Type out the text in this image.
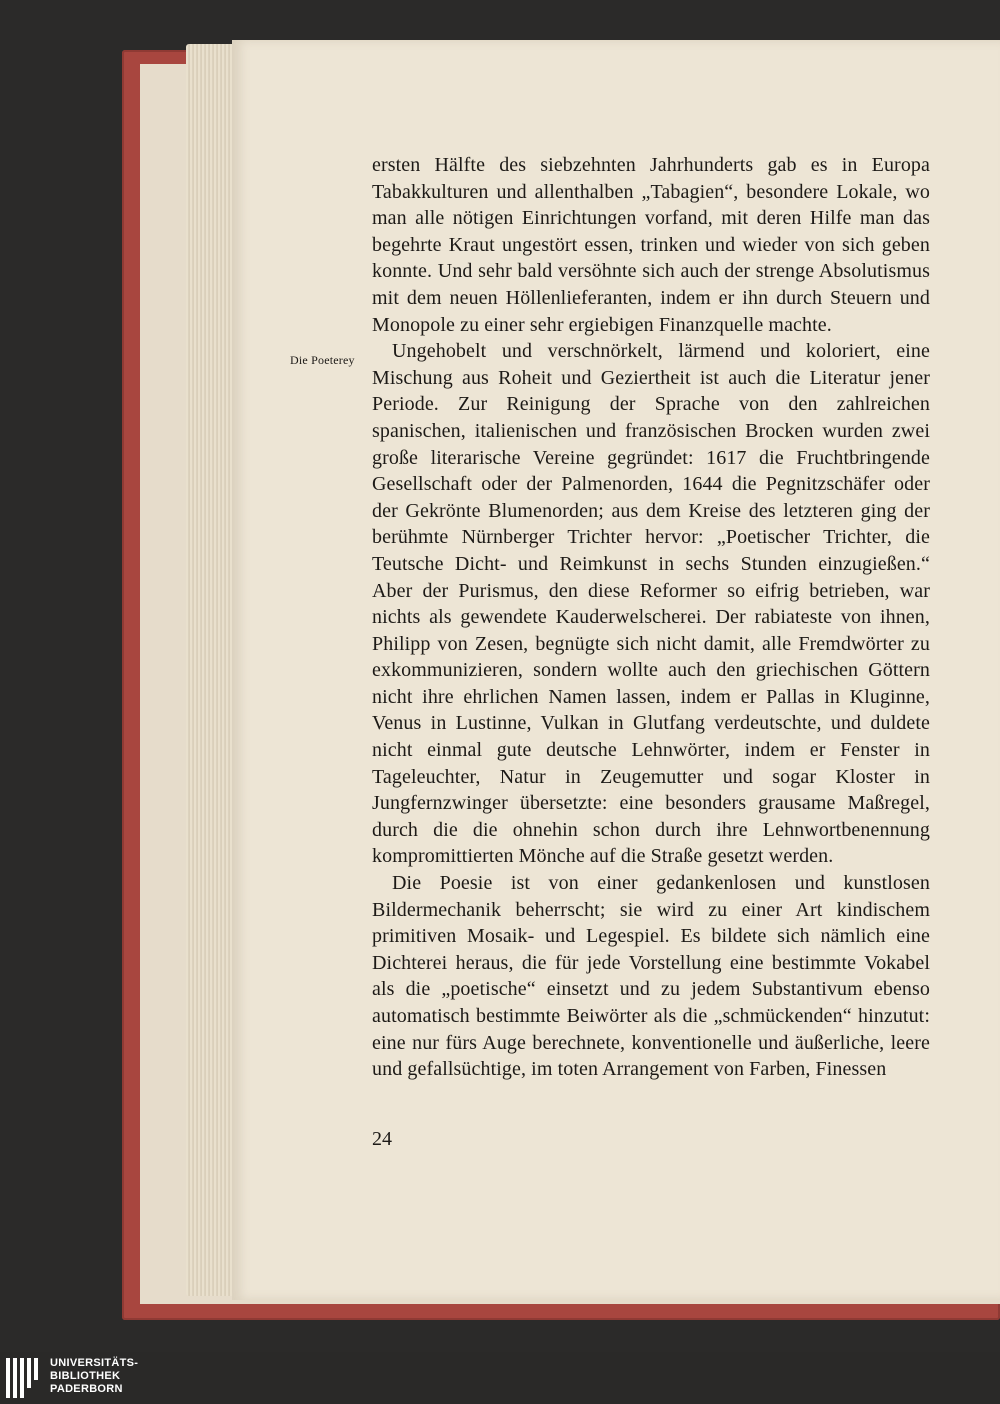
Die Poeterey

ersten Hälfte des siebzehnten Jahrhunderts gab es in Europa Tabakkulturen und allenthalben „Tabagien“, besondere Lokale, wo man alle nötigen Einrichtungen vorfand, mit deren Hilfe man das begehrte Kraut ungestört essen, trinken und wieder von sich geben konnte. Und sehr bald versöhnte sich auch der strenge Absolutismus mit dem neuen Höllenlieferanten, indem er ihn durch Steuern und Monopole zu einer sehr ergiebigen Finanzquelle machte.

Ungehobelt und verschnörkelt, lärmend und koloriert, eine Mischung aus Roheit und Geziertheit ist auch die Literatur jener Periode. Zur Reinigung der Sprache von den zahlreichen spanischen, italienischen und französischen Brocken wurden zwei große literarische Vereine gegründet: 1617 die Fruchtbringende Gesellschaft oder der Palmenorden, 1644 die Pegnitzschäfer oder der Gekrönte Blumenorden; aus dem Kreise des letzteren ging der berühmte Nürnberger Trichter hervor: „Poetischer Trichter, die Teutsche Dicht- und Reimkunst in sechs Stunden einzugießen.“ Aber der Purismus, den diese Reformer so eifrig betrieben, war nichts als gewendete Kauderwelscherei. Der rabiateste von ihnen, Philipp von Zesen, begnügte sich nicht damit, alle Fremdwörter zu exkommunizieren, sondern wollte auch den griechischen Göttern nicht ihre ehrlichen Namen lassen, indem er Pallas in Kluginne, Venus in Lustinne, Vulkan in Glutfang verdeutschte, und duldete nicht einmal gute deutsche Lehnwörter, indem er Fenster in Tageleuchter, Natur in Zeugemutter und sogar Kloster in Jungfernzwinger übersetzte: eine besonders grausame Maßregel, durch die die ohnehin schon durch ihre Lehnwortbenennung kompromittierten Mönche auf die Straße gesetzt werden.

Die Poesie ist von einer gedankenlosen und kunstlosen Bildermechanik beherrscht; sie wird zu einer Art kindischem primitiven Mosaik- und Legespiel. Es bildete sich nämlich eine Dichterei heraus, die für jede Vorstellung eine bestimmte Vokabel als die „poetische“ einsetzt und zu jedem Substantivum ebenso automatisch bestimmte Beiwörter als die „schmückenden“ hinzutut: eine nur fürs Auge berechnete, konventionelle und äußerliche, leere und gefallsüchtige, im toten Arrangement von Farben, Finessen

24
UNIVERSITÄTS-
BIBLIOTHEK
PADERBORN
